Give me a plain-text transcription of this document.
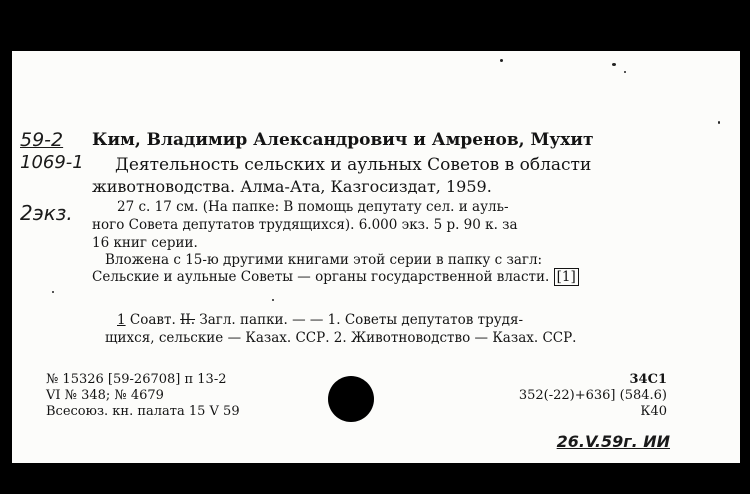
59-2
1069-1
2экз.
Ким, Владимир Александрович и Амренов, Мухит
Деятельность сельских и аульных Советов в области
животноводства. Алма-Ата, Казгосиздат, 1959.
27 с. 17 см. (На папке: В помощь депутату сел. и ауль-
ного Совета депутатов трудящихся). 6.000 экз. 5 р. 90 к. за
16 книг серии.
Вложена с 15-ю другими книгами этой серии в папку с загл:
Сельские и аульные Советы — органы государственной власти. [1]
1 Соавт. II. Загл. папки. — — 1. Советы депутатов трудя-
щихся, сельские — Казах. ССР. 2. Животноводство — Казах. ССР.
№ 15326 [59-26708] п 13-2
VI № 348; № 4679
Всесоюз. кн. палата 15 V 59
34С1
352(-22)+636] (584.6)
К40
26.V.59г. ИИ
